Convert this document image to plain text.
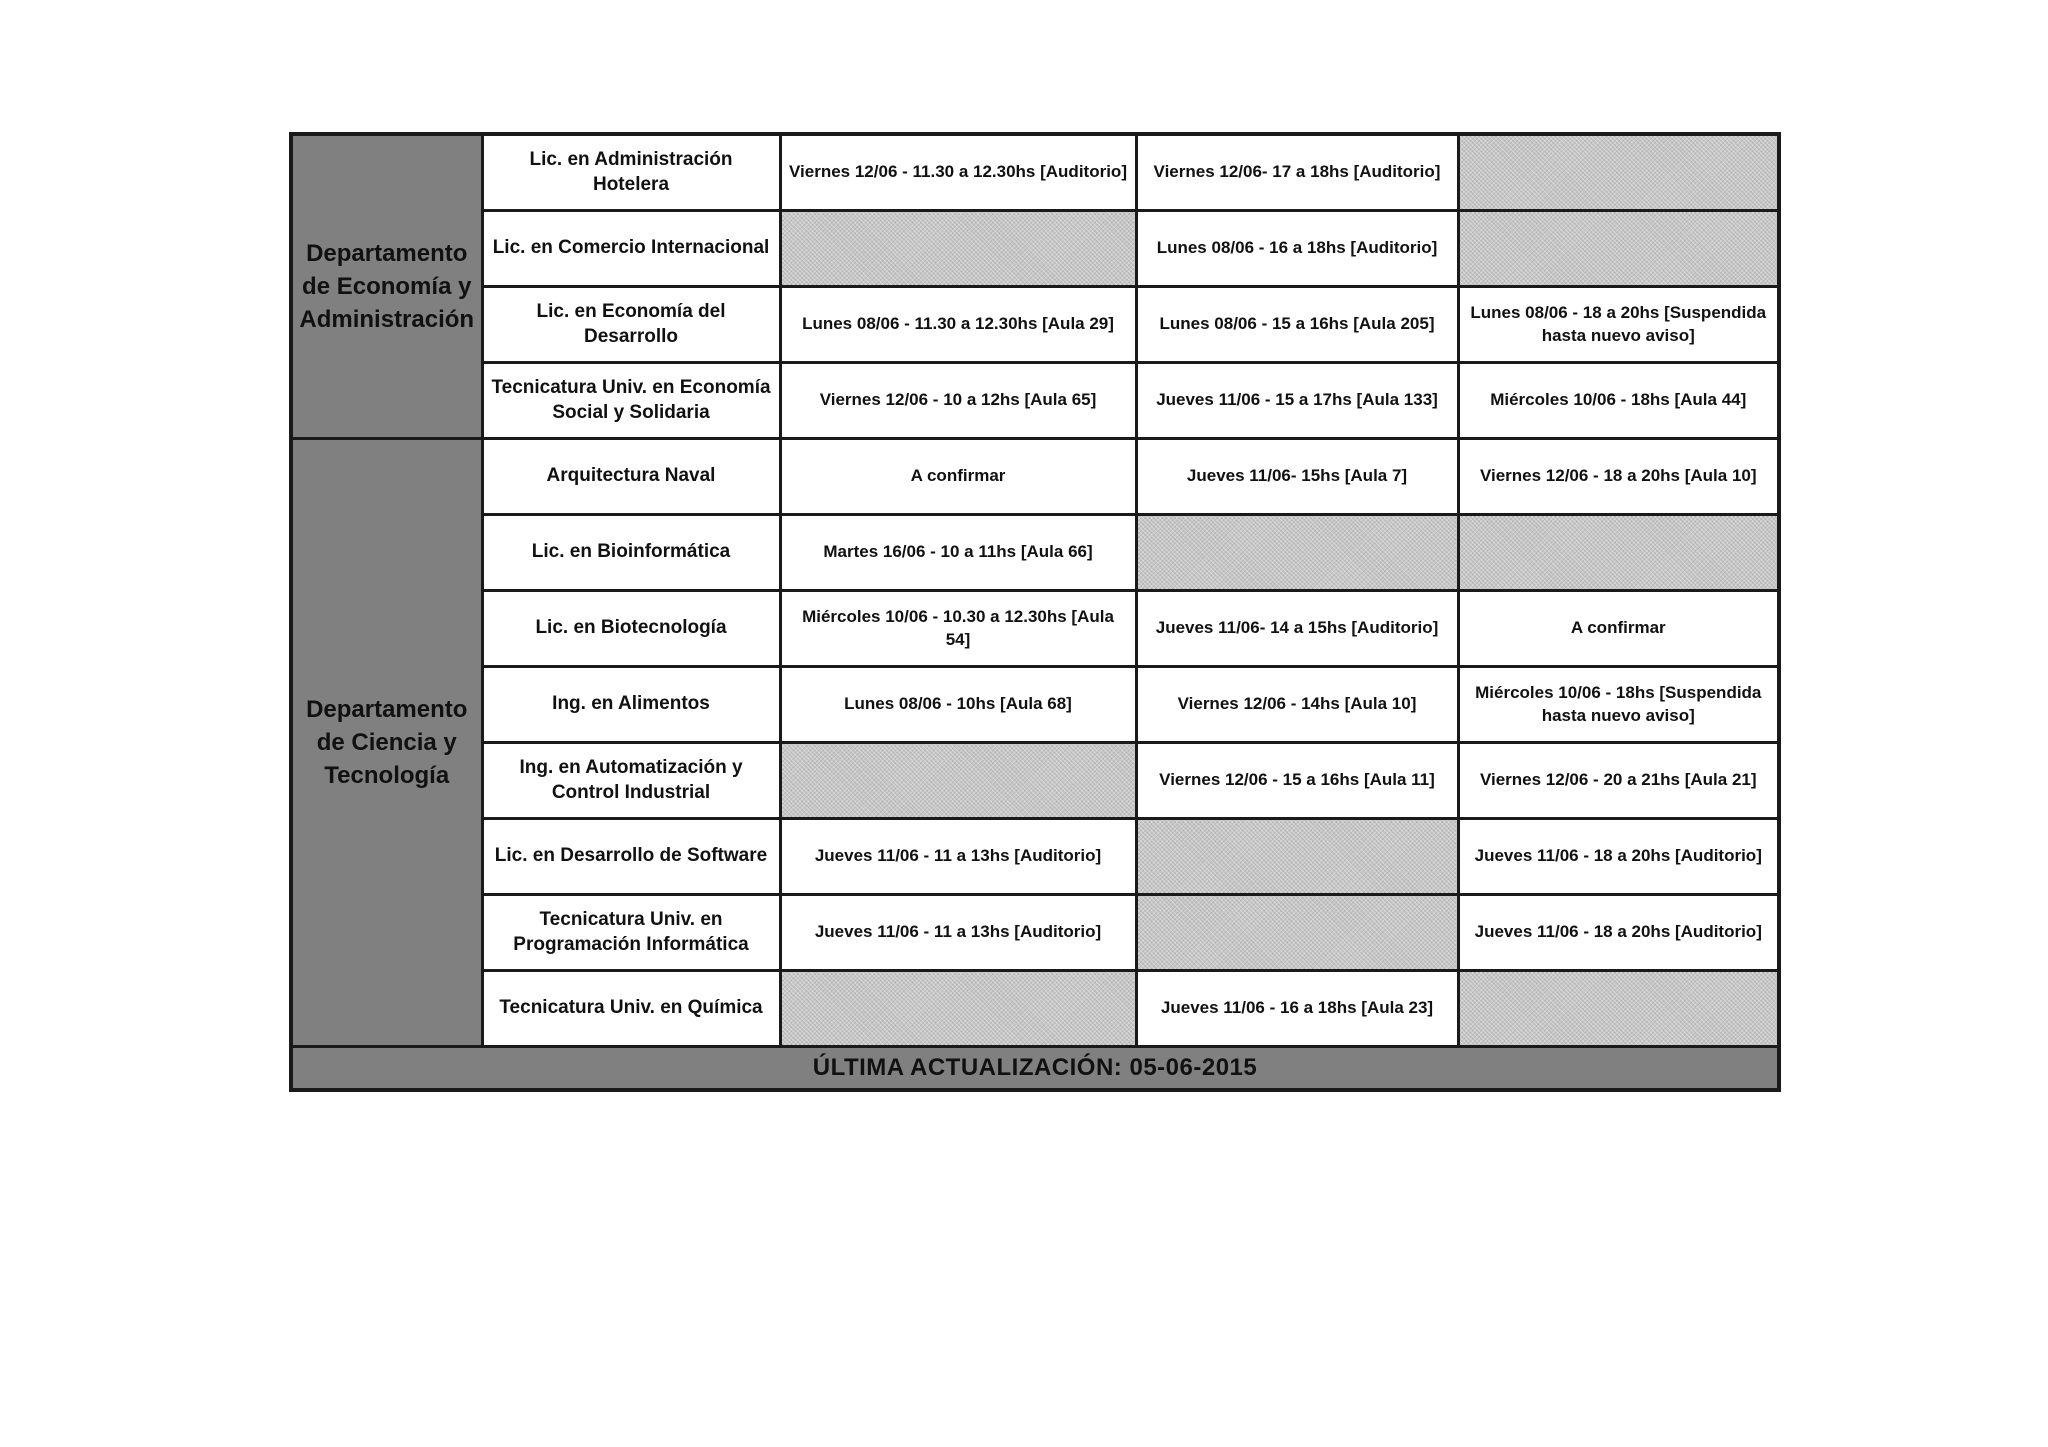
Departamento de Economía y Administración	Lic. en Administración Hotelera	Viernes 12/06 - 11.30 a 12.30hs [Auditorio]	Viernes 12/06- 17 a 18hs [Auditorio]	
	Lic. en Comercio Internacional		Lunes 08/06 - 16 a 18hs [Auditorio]	
	Lic. en Economía del Desarrollo	Lunes 08/06 - 11.30 a 12.30hs [Aula 29]	Lunes 08/06 - 15 a 16hs [Aula 205]	Lunes 08/06 - 18 a 20hs [Suspendida hasta nuevo aviso]
	Tecnicatura Univ. en Economía Social y Solidaria	Viernes 12/06 - 10 a 12hs [Aula 65]	Jueves 11/06 - 15 a 17hs [Aula 133]	Miércoles 10/06 - 18hs [Aula 44]
Departamento de Ciencia y Tecnología	Arquitectura Naval	A confirmar	Jueves 11/06- 15hs [Aula 7]	Viernes 12/06 - 18 a 20hs [Aula 10]
	Lic. en Bioinformática	Martes 16/06 - 10 a 11hs [Aula 66]		
	Lic. en Biotecnología	Miércoles 10/06 - 10.30 a 12.30hs [Aula 54]	Jueves 11/06- 14 a 15hs [Auditorio]	A confirmar
	Ing. en Alimentos	Lunes 08/06 - 10hs [Aula 68]	Viernes 12/06 - 14hs [Aula 10]	Miércoles 10/06 - 18hs [Suspendida hasta nuevo aviso]
	Ing. en Automatización y Control Industrial		Viernes 12/06 - 15 a 16hs [Aula 11]	Viernes 12/06 - 20 a 21hs [Aula 21]
	Lic. en Desarrollo de Software	Jueves 11/06 - 11 a 13hs [Auditorio]		Jueves 11/06 - 18 a 20hs [Auditorio]
	Tecnicatura Univ. en Programación Informática	Jueves 11/06 - 11 a 13hs [Auditorio]		Jueves 11/06 - 18 a 20hs [Auditorio]
	Tecnicatura Univ. en Química		Jueves 11/06 - 16 a 18hs [Aula 23]	
ÚLTIMA ACTUALIZACIÓN: 05-06-2015				
